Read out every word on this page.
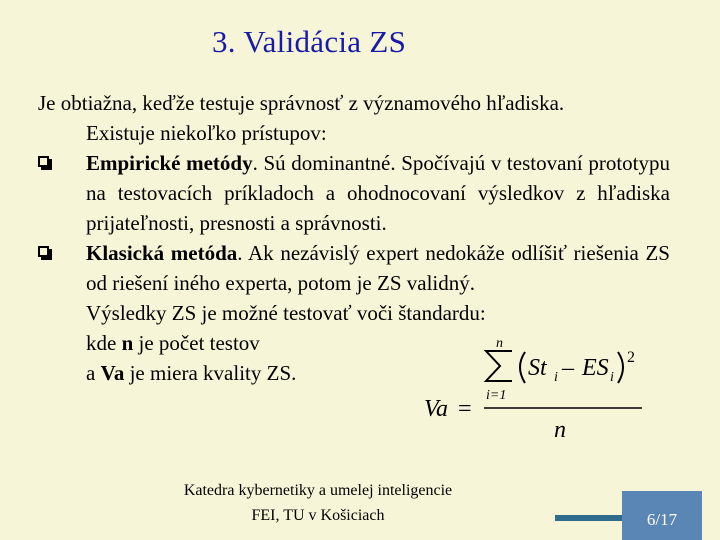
3. Validácia ZS
Je obtiažna, keďže testuje správnosť z významového hľadiska.
Existuje niekoľko prístupov:
Empirické metódy. Sú dominantné. Spočívajú v testovaní prototypu na testovacích príkladoch a ohodnocovaní výsledkov z hľadiska prijateľnosti, presnosti a správnosti.
Klasická metóda. Ak nezávislý expert nedokáže odlíšiť riešenia ZS od riešení iného experta, potom je ZS validný.
Výsledky ZS je možné testovať voči štandardu:
kde n je počet testov
a Va je miera kvality ZS.
Va =
n
i=1
St i – ES i
2
n
Katedra kybernetiky a umelej inteligencie
FEI, TU v Košiciach	6/17
